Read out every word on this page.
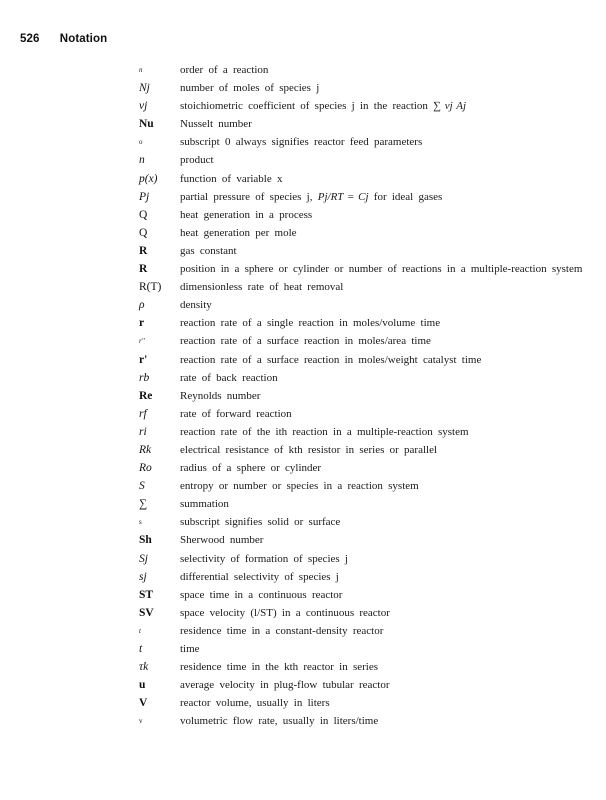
526 Notation
n	order of a reaction
Nj	number of moles of species j
νj	stoichiometric coefficient of species j in the reaction ∑ νj Aj
Nu	Nusselt number
o	subscript 0 always signifies reactor feed parameters
n	product
p(x)	function of variable x
Pj	partial pressure of species j, Pj/RT = Cj for ideal gases
Q	heat generation in a process
Q	heat generation per mole
R	gas constant
R	position in a sphere or cylinder or number of reactions in a multiple-reaction system
R(T)	dimensionless rate of heat removal
ρ	density
r	reaction rate of a single reaction in moles/volume time
r''	reaction rate of a surface reaction in moles/area time
r'	reaction rate of a surface reaction in moles/weight catalyst time
rb	rate of back reaction
Re	Reynolds number
rf	rate of forward reaction
ri	reaction rate of the ith reaction in a multiple-reaction system
Rk	electrical resistance of kth resistor in series or parallel
Ro	radius of a sphere or cylinder
S	entropy or number or species in a reaction system
∑	summation
s	subscript signifies solid or surface
Sh	Sherwood number
Sj	selectivity of formation of species j
sj	differential selectivity of species j
ST	space time in a continuous reactor
SV	space velocity (l/ST) in a continuous reactor
t	residence time in a constant-density reactor
t	time
τk	residence time in the kth reactor in series
u	average velocity in plug-flow tubular reactor
V	reactor volume, usually in liters
v	volumetric flow rate, usually in liters/time
